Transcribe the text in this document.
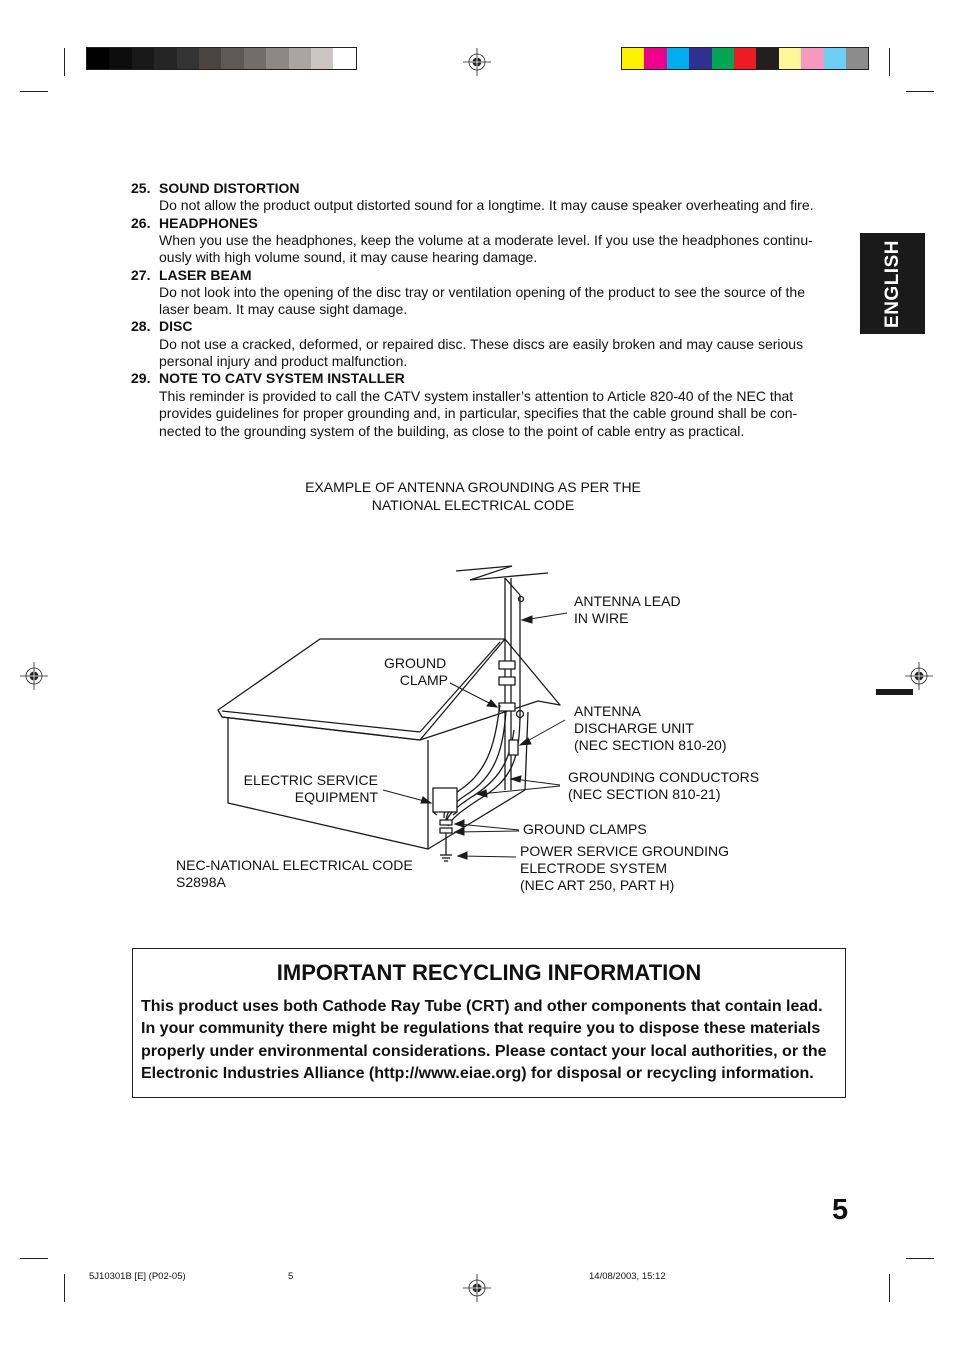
ENGLISH
25. SOUND DISTORTION
Do not allow the product output distorted sound for a longtime. It may cause speaker overheating and fire.
26. HEADPHONES
When you use the headphones, keep the volume at a moderate level. If you use the headphones continu-
ously with high volume sound, it may cause hearing damage.
27. LASER BEAM
Do not look into the opening of the disc tray or ventilation opening of the product to see the source of the
laser beam. It may cause sight damage.
28. DISC
Do not use a cracked, deformed, or repaired disc. These discs are easily broken and may cause serious
personal injury and product malfunction.
29. NOTE TO CATV SYSTEM INSTALLER
This reminder is provided to call the CATV system installer’s attention to Article 820-40 of the NEC that
provides guidelines for proper grounding and, in particular, specifies that the cable ground shall be con-
nected to the grounding system of the building, as close to the point of cable entry as practical.
EXAMPLE OF ANTENNA GROUNDING AS PER THE
NATIONAL ELECTRICAL CODE
ANTENNA LEAD
IN WIRE
GROUND
CLAMP
ANTENNA
DISCHARGE UNIT
(NEC SECTION 810-20)
ELECTRIC SERVICE
EQUIPMENT
GROUNDING CONDUCTORS
(NEC SECTION 810-21)
GROUND CLAMPS
POWER SERVICE GROUNDING
ELECTRODE SYSTEM
(NEC ART 250, PART H)
NEC-NATIONAL ELECTRICAL CODE
S2898A
IMPORTANT RECYCLING INFORMATION
This product uses both Cathode Ray Tube (CRT) and other components that contain lead. In your community there might be regulations that require you to dispose these materials properly under environmental considerations. Please contact your local authorities, or the Electronic Industries Alliance (http://www.eiae.org) for disposal or recycling information.
5
5J10301B [E] (P02-05)	5	14/08/2003, 15:12
